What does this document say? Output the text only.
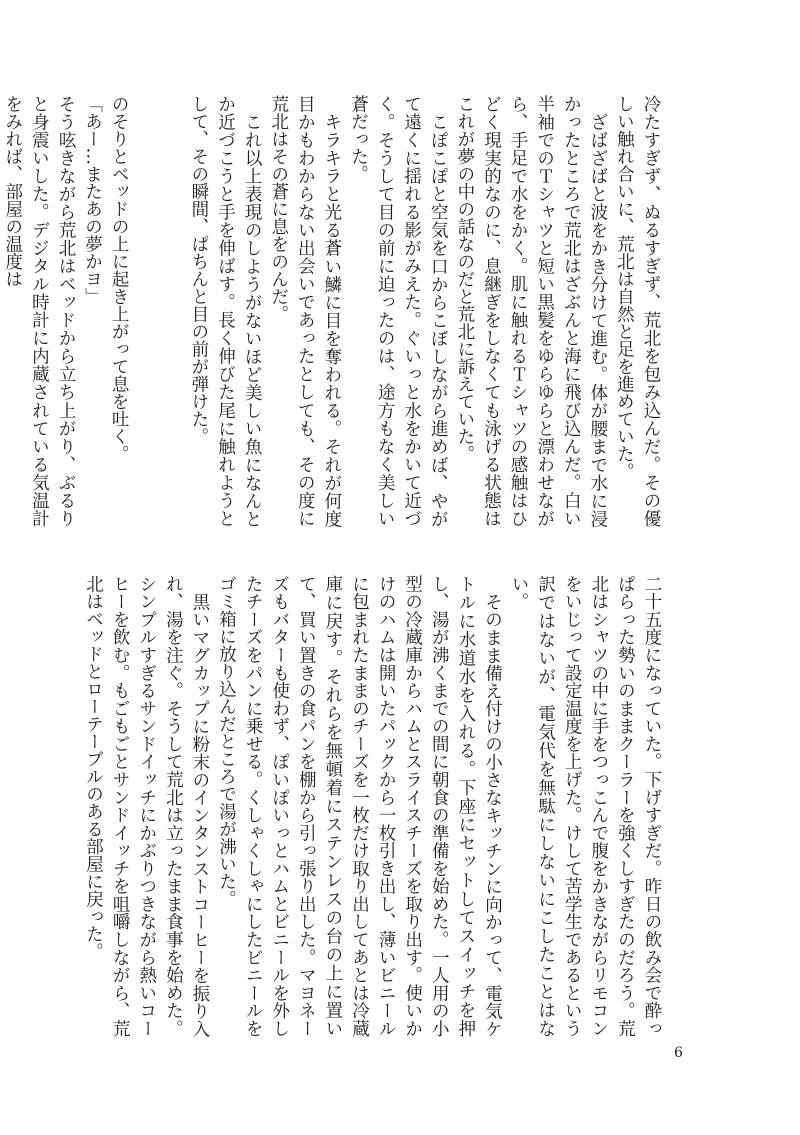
冷たすぎず、ぬるすぎず、荒北を包み込んだ。その優しい触れ合いに、荒北は自然と足を進めていた。

ざばざばと波をかき分けて進む。体が腰まで水に浸かったところで荒北はざぶんと海に飛び込んだ。白い半袖でのＴシャツと短い黒髪をゆらゆらと漂わせながら、手足で水をかく。肌に触れるＴシャツの感触はひどく現実的なのに、息継ぎをしなくても泳げる状態はこれが夢の中の話なのだと荒北に訴えていた。

こぽこぽと空気を口からこぼしながら進めば、やがて遠くに揺れる影がみえた。ぐいっと水をかいて近づく。そうして目の前に迫ったのは、途方もなく美しい蒼だった。

キラキラと光る蒼い鱗に目を奪われる。それが何度目かもわからない出会いであったとしても、その度に荒北はその蒼に息をのんだ。

これ以上表現のしようがないほど美しい魚になんとか近づこうと手を伸ばす。長く伸びた尾に触れようとして、その瞬間、ぱちんと目の前が弾けた。

のそりとベッドの上に起き上がって息を吐く。

「あー…またあの夢かヨ」

そう呟きながら荒北はベッドから立ち上がり、ぶるりと身震いした。デジタル時計に内蔵されている気温計をみれば、部屋の温度は

二十五度になっていた。下げすぎだ。昨日の飲み会で酔っぱらった勢いのままクーラーを強くしすぎたのだろう。荒北はシャツの中に手をつっこんで腹をかきながらリモコンをいじって設定温度を上げた。けして苦学生であるという訳ではないが、電気代を無駄にしないにこしたことはない。

そのまま備え付けの小さなキッチンに向かって、電気ケトルに水道水を入れる。下座にセットしてスイッチを押し、湯が沸くまでの間に朝食の準備を始めた。一人用の小型の冷蔵庫からハムとスライスチーズを取り出す。使いかけのハムは開いたパックから一枚引き出し、薄いビニールに包まれたままのチーズを一枚だけ取り出してあとは冷蔵庫に戻す。それらを無頓着にステンレスの台の上に置いて、買い置きの食パンを棚から引っ張り出した。マヨネーズもバターも使わず、ぽいぽいっとハムとビニールを外したチーズをパンに乗せる。くしゃくしゃにしたビニールをゴミ箱に放り込んだところで湯が沸いた。

黒いマグカップに粉末のインタンストコーヒーを振り入れ、湯を注ぐ。そうして荒北は立ったまま食事を始めた。シンプルすぎるサンドイッチにかぶりつきながら熱いコーヒーを飲む。もごもごとサンドイッチを咀嚼しながら、荒北はベッドとローテーブルのある部屋に戻った。

6
